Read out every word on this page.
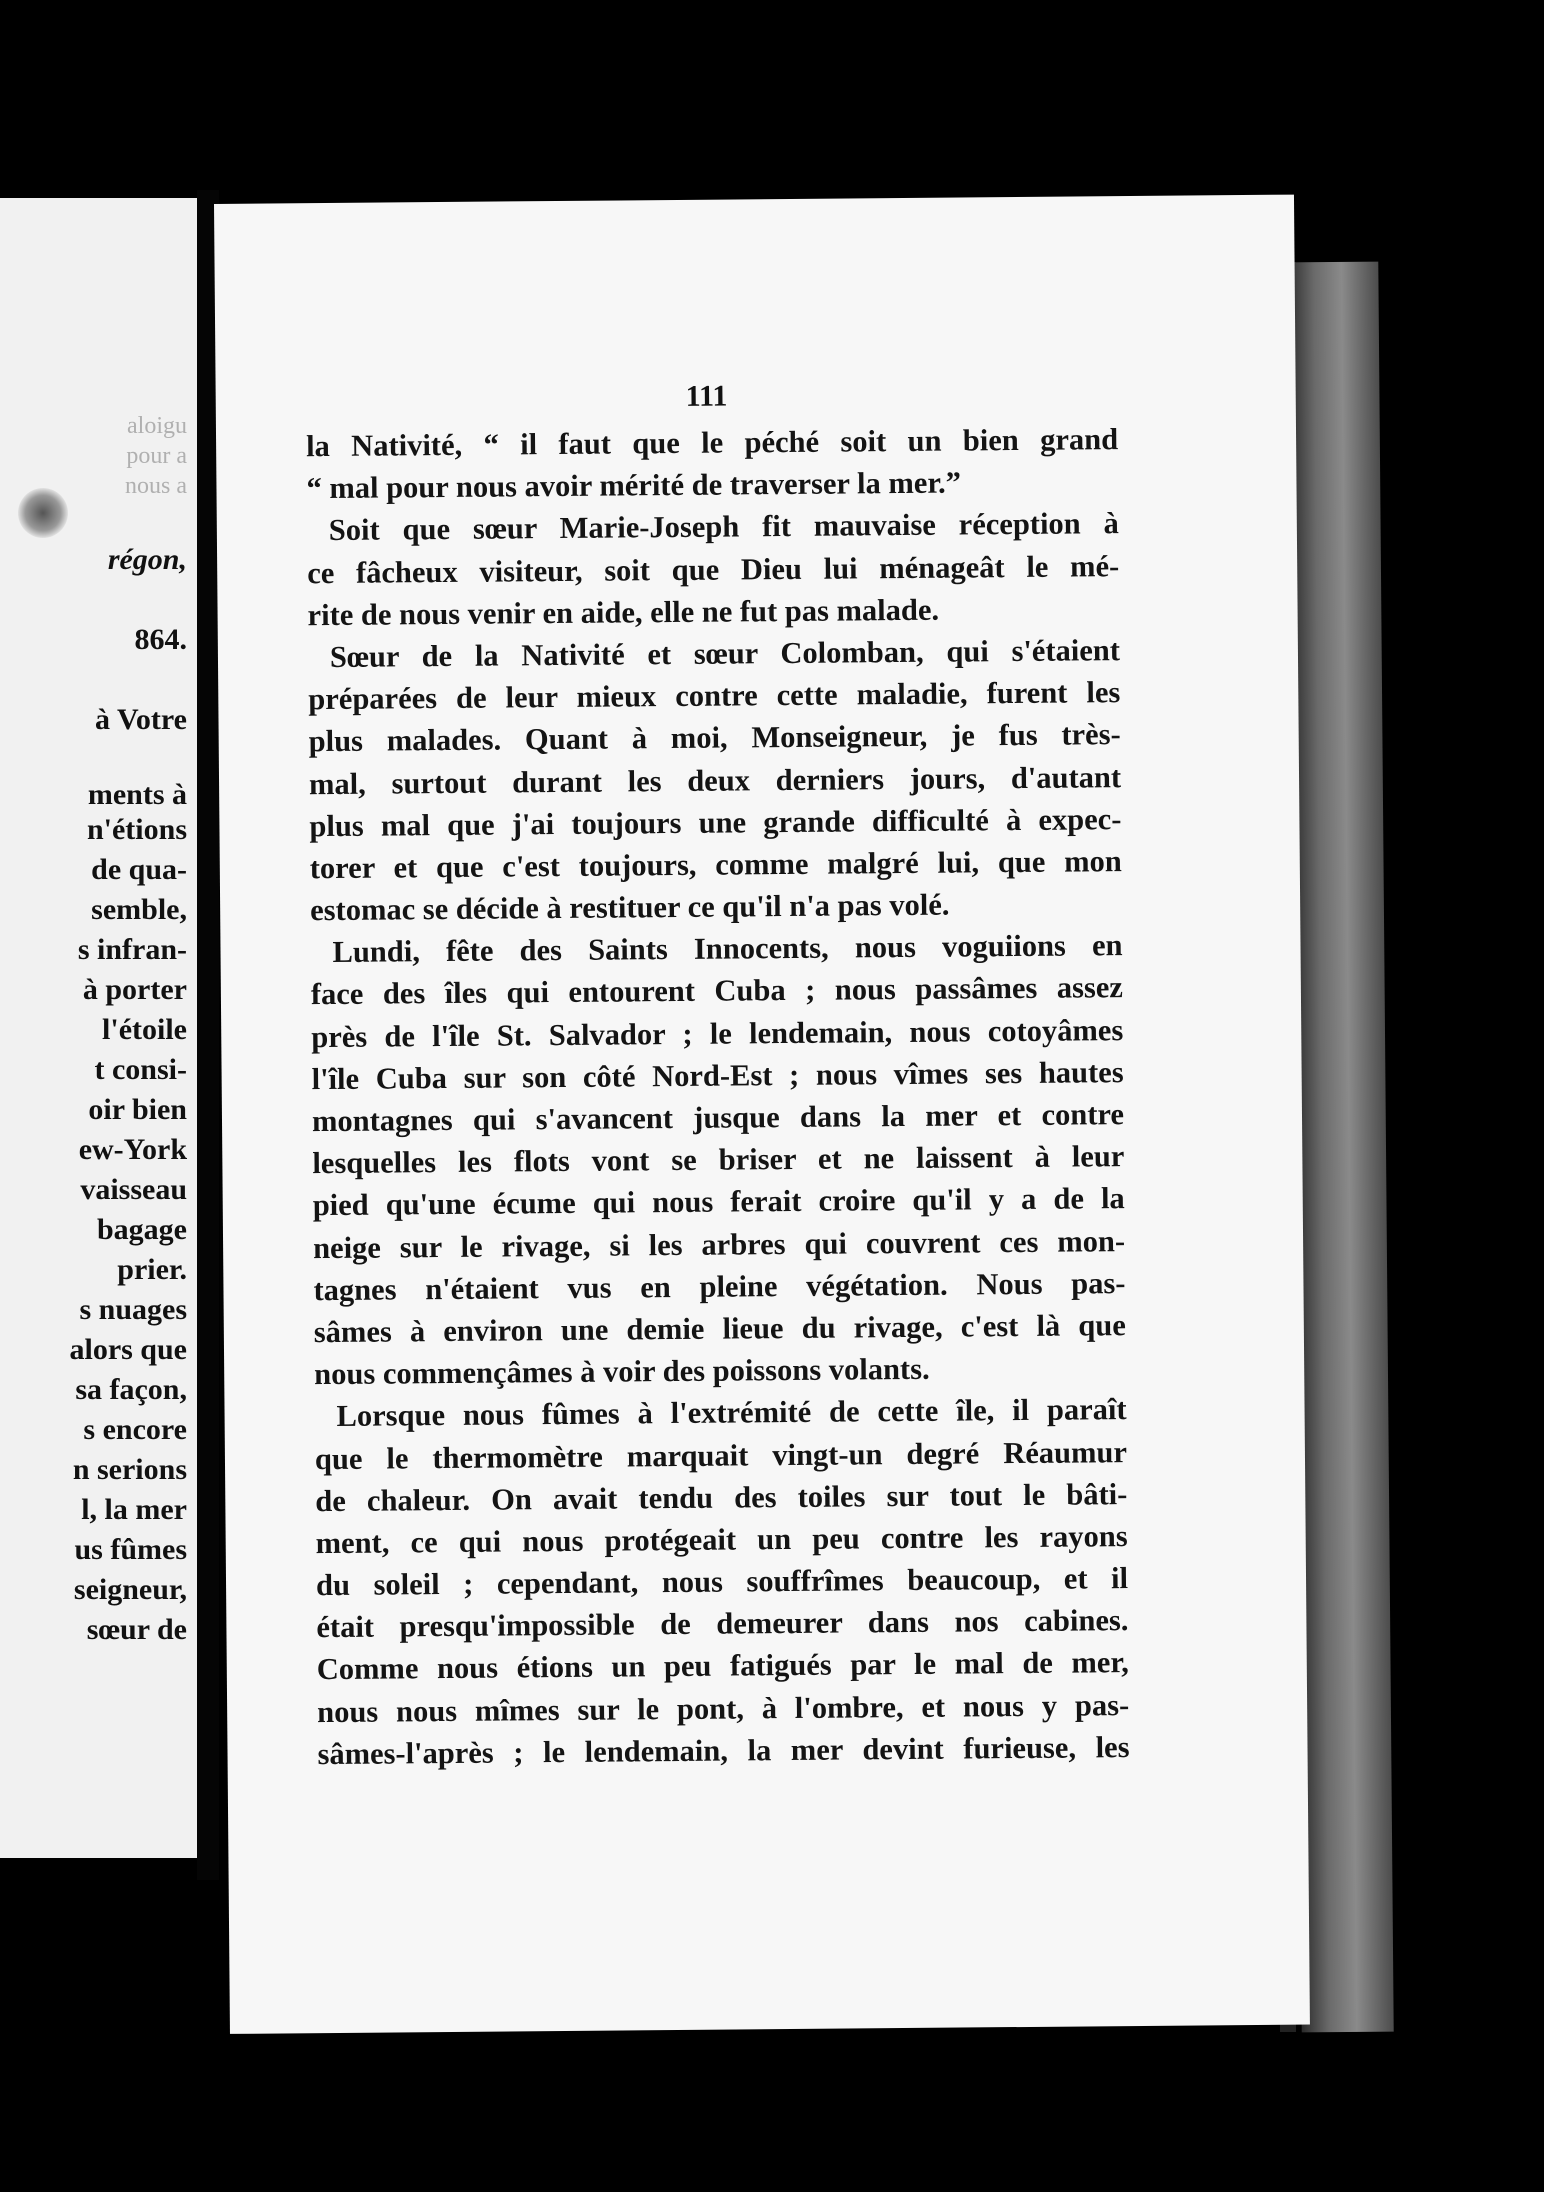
aloigu
pour a
nous a
régon,
864.
à Votre
ments à
n'étions
de qua-
semble,
s infran-
à porter
l'étoile
t consi-
oir bien
ew-York
vaisseau
bagage
prier.
s nuages
alors que
sa façon,
s encore
n serions
l, la mer
us fûmes
seigneur,
sœur de
111
la Nativité, “ il faut que le péché soit un bien grand
“ mal pour nous avoir mérité de traverser la mer.”
Soit que sœur Marie-Joseph fit mauvaise réception à
ce fâcheux visiteur, soit que Dieu lui ménageât le mé-
rite de nous venir en aide, elle ne fut pas malade.
Sœur de la Nativité et sœur Colomban, qui s'étaient
préparées de leur mieux contre cette maladie, furent les
plus malades. Quant à moi, Monseigneur, je fus très-
mal, surtout durant les deux derniers jours, d'autant
plus mal que j'ai toujours une grande difficulté à expec-
torer et que c'est toujours, comme malgré lui, que mon
estomac se décide à restituer ce qu'il n'a pas volé.
Lundi, fête des Saints Innocents, nous voguiions en
face des îles qui entourent Cuba ; nous passâmes assez
près de l'île St. Salvador ; le lendemain, nous cotoyâmes
l'île Cuba sur son côté Nord-Est ; nous vîmes ses hautes
montagnes qui s'avancent jusque dans la mer et contre
lesquelles les flots vont se briser et ne laissent à leur
pied qu'une écume qui nous ferait croire qu'il y a de la
neige sur le rivage, si les arbres qui couvrent ces mon-
tagnes n'étaient vus en pleine végétation. Nous pas-
sâmes à environ une demie lieue du rivage, c'est là que
nous commençâmes à voir des poissons volants.
Lorsque nous fûmes à l'extrémité de cette île, il paraît
que le thermomètre marquait vingt-un degré Réaumur
de chaleur. On avait tendu des toiles sur tout le bâti-
ment, ce qui nous protégeait un peu contre les rayons
du soleil ; cependant, nous souffrîmes beaucoup, et il
était presqu'impossible de demeurer dans nos cabines.
Comme nous étions un peu fatigués par le mal de mer,
nous nous mîmes sur le pont, à l'ombre, et nous y pas-
sâmes-l'après ; le lendemain, la mer devint furieuse, les
